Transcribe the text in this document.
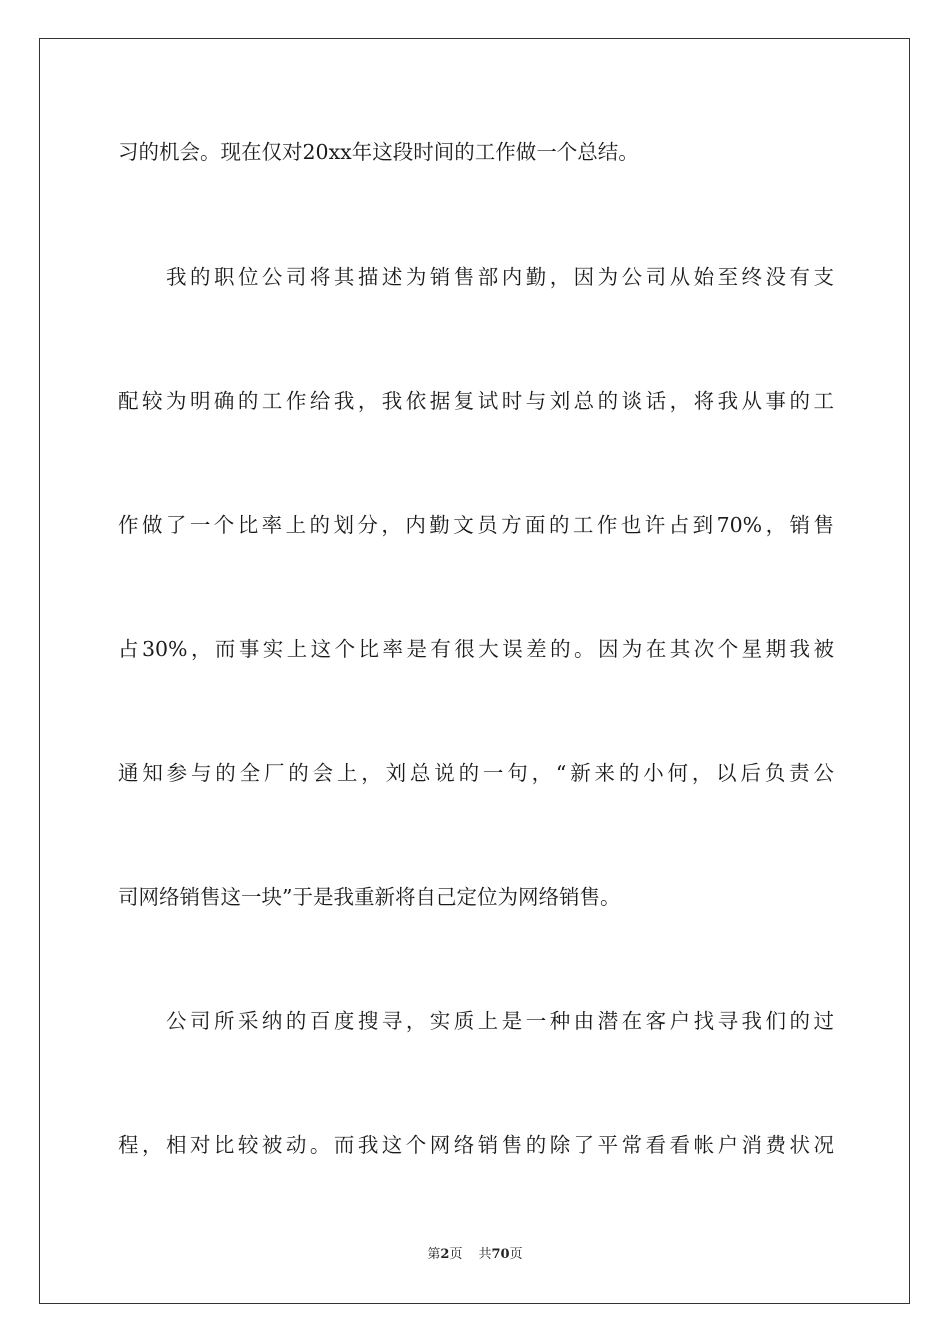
习的机会。现在仅对20xx年这段时间的工作做一个总结。
我的职位公司将其描述为销售部内勤，因为公司从始至终没有支
配较为明确的工作给我，我依据复试时与刘总的谈话，将我从事的工
作做了一个比率上的划分，内勤文员方面的工作也许占到70%，销售
占30%，而事实上这个比率是有很大误差的。因为在其次个星期我被
通知参与的全厂的会上，刘总说的一句，“新来的小何，以后负责公
司网络销售这一块”于是我重新将自己定位为网络销售。
公司所采纳的百度搜寻，实质上是一种由潜在客户找寻我们的过
程，相对比较被动。而我这个网络销售的除了平常看看帐户消费状况
第2页 共70页
